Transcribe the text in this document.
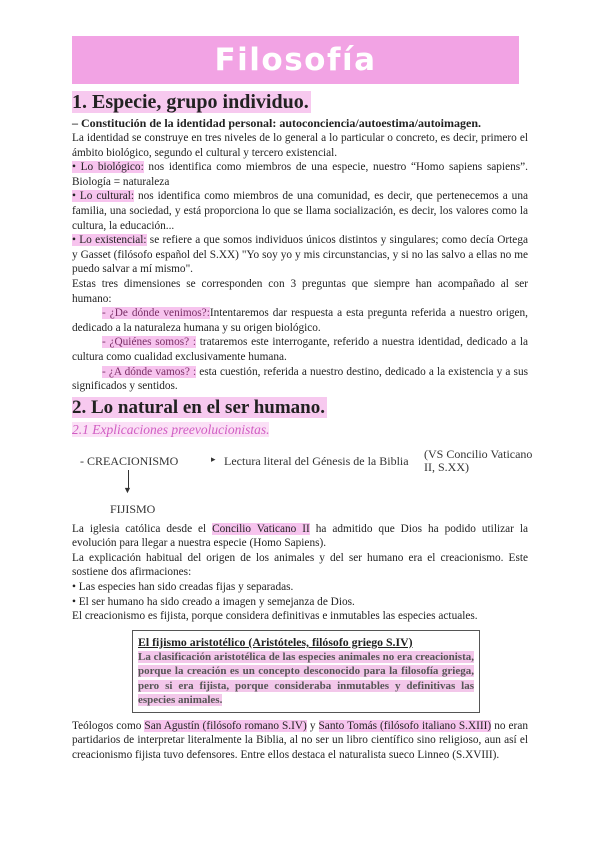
Filosofía
1. Especie, grupo individuo.
– Constitución de la identidad personal: autoconciencia/autoestima/autoimagen.

La identidad se construye en tres niveles de lo general a lo particular o concreto, es decir, primero el ámbito biológico, segundo el cultural y tercero existencial.

• Lo biológico: nos identifica como miembros de una especie, nuestro “Homo sapiens sapiens”. Biología = naturaleza

• Lo cultural: nos identifica como miembros de una comunidad, es decir, que pertenecemos a una familia, una sociedad, y está proporciona lo que se llama socialización, es decir, los valores como la cultura, la educación...

• Lo existencial: se refiere a que somos individuos únicos distintos y singulares; como decía Ortega y Gasset (filósofo español del S.XX) "Yo soy yo y mis circunstancias, y si no las salvo a ellas no me puedo salvar a mí mismo".

Estas tres dimensiones se corresponden con 3 preguntas que siempre han acompañado al ser humano:

- ¿De dónde venimos?:Intentaremos dar respuesta a esta pregunta referida a nuestro origen, dedicado a la naturaleza humana y su origen biológico.

- ¿Quiénes somos? : trataremos este interrogante, referido a nuestra identidad, dedicado a la cultura como cualidad exclusivamente humana.

- ¿A dónde vamos? : esta cuestión, referida a nuestro destino, dedicado a la existencia y a sus significados y sentidos.

2. Lo natural en el ser humano.
2.1 Explicaciones preevolucionistas.
- CREACIONISMO	▸ Lectura literal del Génesis de la Biblia (VS Concilio Vaticano II, S.XX)
▼
FIJISMO

La iglesia católica desde el Concilio Vaticano II ha admitido que Dios ha podido utilizar la evolución para llegar a nuestra especie (Homo Sapiens).

La explicación habitual del origen de los animales y del ser humano era el creacionismo. Este sostiene dos afirmaciones:

• Las especies han sido creadas fijas y separadas.

• El ser humano ha sido creado a imagen y semejanza de Dios.

El creacionismo es fijista, porque considera definitivas e inmutables las especies actuales.

El fijismo aristotélico (Aristóteles, filósofo griego S.IV)
La clasificación aristotélica de las especies animales no era creacionista, porque la creación es un concepto desconocido para la filosofía griega, pero si era fijista, porque consideraba inmutables y definitivas las especies animales.

Teólogos como San Agustín (filósofo romano S.IV) y Santo Tomás (filósofo italiano S.XIII) no eran partidarios de interpretar literalmente la Biblia, al no ser un libro científico sino religioso, aun así el creacionismo fijista tuvo defensores. Entre ellos destaca el naturalista sueco Linneo (S.XVIII).
